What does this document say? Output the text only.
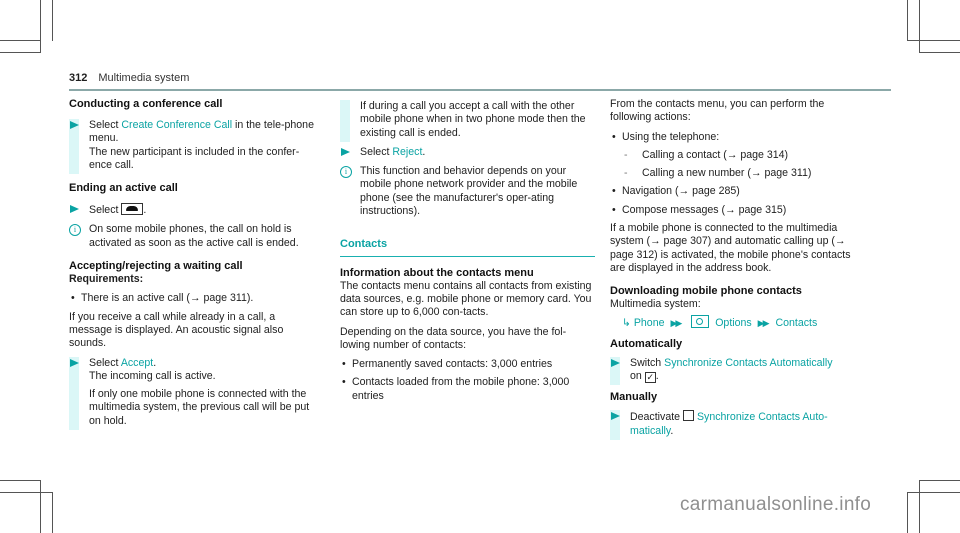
312 Multimedia system
Conducting a conference call
Select Create Conference Call in the tele-phone menu.
The new participant is included in the confer-ence call.
Ending an active call
Select .
i	On some mobile phones, the call on hold is activated as soon as the active call is ended.
Accepting/rejecting a waiting call
Requirements:
• There is an active call (→ page 311).
If you receive a call while already in a call, a message is displayed. An acoustic signal also sounds.
Select Accept.
The incoming call is active.
If only one mobile phone is connected with the multimedia system, the previous call will be put on hold.
If during a call you accept a call with the other mobile phone when in two phone mode then the existing call is ended.
Select Reject.
i	This function and behavior depends on your mobile phone network provider and the mobile phone (see the manufacturer's oper-ating instructions).
Contacts
Information about the contacts menu
The contacts menu contains all contacts from existing data sources, e.g. mobile phone or memory card. You can store up to 6,000 con-tacts.
Depending on the data source, you have the fol-lowing number of contacts:
• Permanently saved contacts: 3,000 entries
• Contacts loaded from the mobile phone: 3,000 entries
From the contacts menu, you can perform the following actions:
• Using the telephone:
- Calling a contact (→ page 314)
- Calling a new number (→ page 311)
• Navigation (→ page 285)
• Compose messages (→ page 315)
If a mobile phone is connected to the multimedia system (→ page 307) and automatic calling up (→ page 312) is activated, the mobile phone's contacts are displayed in the address book.
Downloading mobile phone contacts
Multimedia system:
↳ Phone ▶▶	Options ▶▶ Contacts
Automatically
Switch Synchronize Contacts Automatically
on ✓ .
Manually
Deactivate  Synchronize Contacts Auto-matically.
carmanualsonline.info
